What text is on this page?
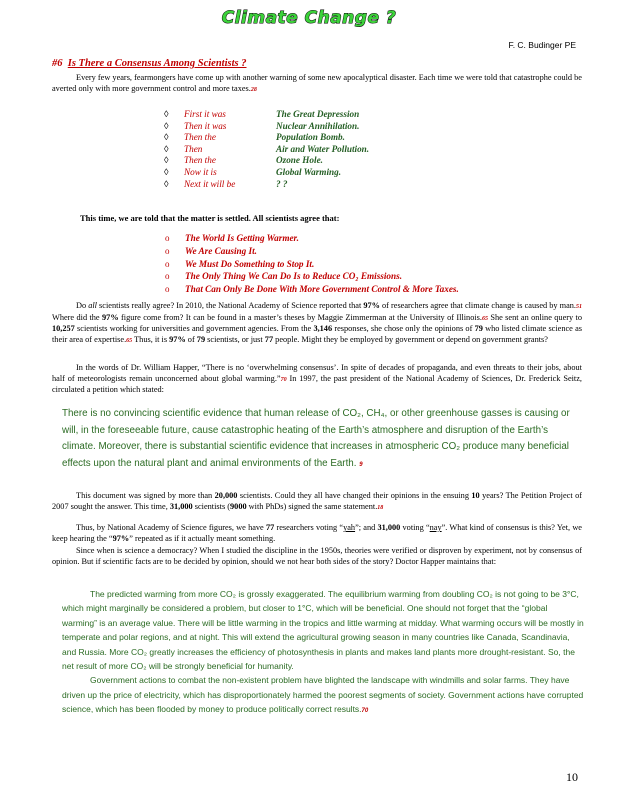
Climate Change ?
F. C. Budinger PE
#6 Is There a Consensus Among Scientists ?
Every few years, fearmongers have come up with another warning of some new apocalyptical disaster. Each time we were told that catastrophe could be averted only with more government control and more taxes.28
◊	First it was	The Great Depression
◊	Then it was	Nuclear Annihilation.
◊	Then the	Population Bomb.
◊	Then	Air and Water Pollution.
◊	Then the	Ozone Hole.
◊	Now it is	Global Warming.
◊	Next it will be	? ?
This time, we are told that the matter is settled. All scientists agree that:
o	The World Is Getting Warmer.
o	We Are Causing It.
o	We Must Do Something to Stop It.
o	The Only Thing We Can Do Is to Reduce CO₂ Emissions.
o	That Can Only Be Done With More Government Control & More Taxes.
Do all scientists really agree? In 2010, the National Academy of Science reported that 97% of researchers agree that climate change is caused by man.51 Where did the 97% figure come from? It can be found in a master’s theses by Maggie Zimmerman at the University of Illinois.65 She sent an online query to 10,257 scientists working for universities and government agencies. From the 3,146 responses, she chose only the opinions of 79 who listed climate science as their area of expertise.65 Thus, it is 97% of 79 scientists, or just 77 people. Might they be employed by government or depend on government grants?
In the words of Dr. William Happer, “There is no ‘overwhelming consensus’. In spite of decades of propaganda, and even threats to their jobs, about half of meteorologists remain unconcerned about global warming.”70 In 1997, the past president of the National Academy of Sciences, Dr. Frederick Seitz, circulated a petition which stated:
There is no convincing scientific evidence that human release of CO₂, CH₄, or other greenhouse gasses is causing or will, in the foreseeable future, cause catastrophic heating of the Earth’s atmosphere and disruption of the Earth’s climate. Moreover, there is substantial scientific evidence that increases in atmospheric CO₂ produce many beneficial effects upon the natural plant and animal environments of the Earth. 9
This document was signed by more than 20,000 scientists. Could they all have changed their opinions in the ensuing 10 years? The Petition Project of 2007 sought the answer. This time, 31,000 scientists (9000 with PhDs) signed the same statement.18
Thus, by National Academy of Science figures, we have 77 researchers voting “yah”; and 31,000 voting “nay”. What kind of consensus is this? Yet, we keep hearing the “97%” repeated as if it actually meant something.
Since when is science a democracy? When I studied the discipline in the 1950s, theories were verified or disproven by experiment, not by consensus of opinion. But if scientific facts are to be decided by opinion, should we not hear both sides of the story? Doctor Happer maintains that:
The predicted warming from more CO₂ is grossly exaggerated. The equilibrium warming from doubling CO₂ is not going to be 3°C, which might marginally be considered a problem, but closer to 1°C, which will be beneficial. One should not forget that the “global warming” is an average value. There will be little warming in the tropics and little warming at midday. What warming occurs will be mostly in temperate and polar regions, and at night. This will extend the agricultural growing season in many countries like Canada, Scandinavia, and Russia. More CO₂ greatly increases the efficiency of photosynthesis in plants and makes land plants more drought-resistant. So, the net result of more CO₂ will be strongly beneficial for humanity.
Government actions to combat the non-existent problem have blighted the landscape with windmills and solar farms. They have driven up the price of electricity, which has disproportionately harmed the poorest segments of society. Government actions have corrupted science, which has been flooded by money to produce politically correct results.70
10
